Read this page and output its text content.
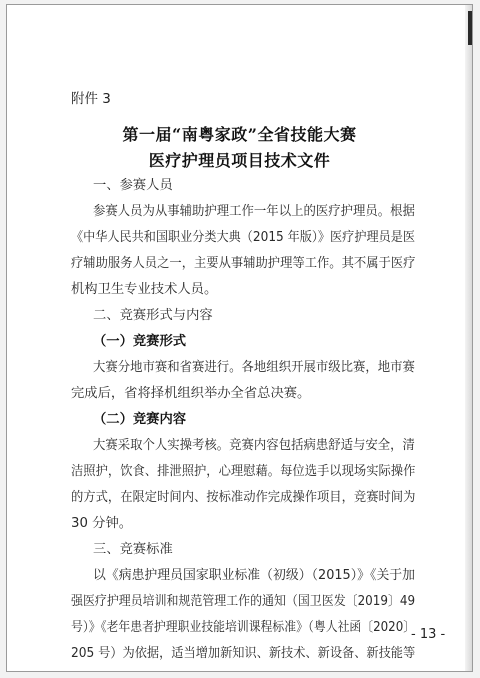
附件 3
第一届“南粤家政”全省技能大赛
医疗护理员项目技术文件
一、参赛人员
参赛人员为从事辅助护理工作一年以上的医疗护理员。根据
《中华人民共和国职业分类大典（2015 年版）》医疗护理员是医
疗辅助服务人员之一，主要从事辅助护理等工作。其不属于医疗
机构卫生专业技术人员。
二、竞赛形式与内容
（一）竞赛形式
大赛分地市赛和省赛进行。各地组织开展市级比赛，地市赛
完成后，省将择机组织举办全省总决赛。
（二）竞赛内容
大赛采取个人实操考核。竞赛内容包括病患舒适与安全，清
洁照护，饮食、排泄照护，心理慰藉。每位选手以现场实际操作
的方式，在限定时间内、按标准动作完成操作项目，竞赛时间为
30 分钟。
三、竞赛标准
以《病患护理员国家职业标准（初级）（2015）》《关于加
强医疗护理员培训和规范管理工作的通知（国卫医发〔2019〕49
号）》《老年患者护理职业技能培训课程标准》（粤人社函〔2020〕
205 号）为依据，适当增加新知识、新技术、新设备、新技能等
- 13 -
